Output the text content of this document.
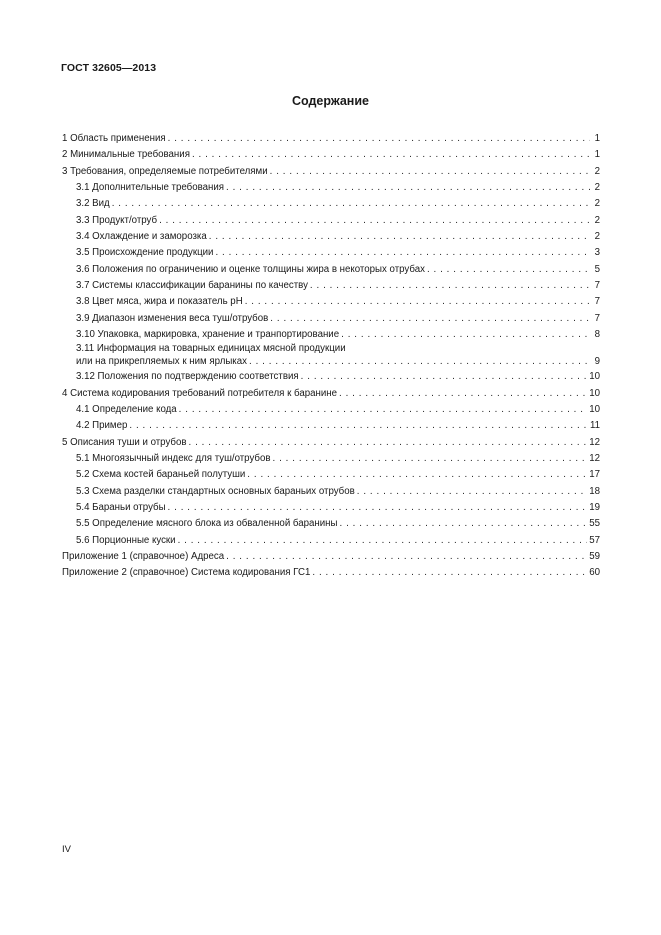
ГОСТ 32605—2013
Содержание
1 Область применения . . .	1
2 Минимальные требования . . .	1
3 Требования, определяемые потребителями . . .	2
3.1 Дополнительные требования . . .	2
3.2 Вид . . .	2
3.3 Продукт/отруб . . .	2
3.4 Охлаждение и заморозка . . .	2
3.5 Происхождение продукции . . .	3
3.6 Положения по ограничению и оценке толщины жира в некоторых отрубах . . .	5
3.7 Системы классификации баранины по качеству . . .	7
3.8 Цвет мяса, жира и показатель pH . . .	7
3.9 Диапазон изменения веса туш/отрубов . . .	7
3.10 Упаковка, маркировка, хранение и транпортирование . . .	8
3.11 Информация на товарных единицах мясной продукции
или на прикрепляемых к ним ярлыках . . .	9
3.12 Положения по подтверждению соответствия . . .	10
4 Система кодирования требований потребителя к баранине . . .	10
4.1 Определение кода . . .	10
4.2 Пример . . .	11
5 Описания туши и отрубов . . .	12
5.1 Многоязычный индекс для туш/отрубов . . .	12
5.2 Схема костей бараньей полутуши . . .	17
5.3 Схема разделки стандартных основных бараньих отрубов . . .	18
5.4 Бараньи отрубы . . .	19
5.5 Определение мясного блока из обваленной баранины . . .	55
5.6 Порционные куски . . .	57
Приложение 1 (справочное) Адреса . . .	59
Приложение 2 (справочное) Система кодирования ГС1 . . .	60
IV
